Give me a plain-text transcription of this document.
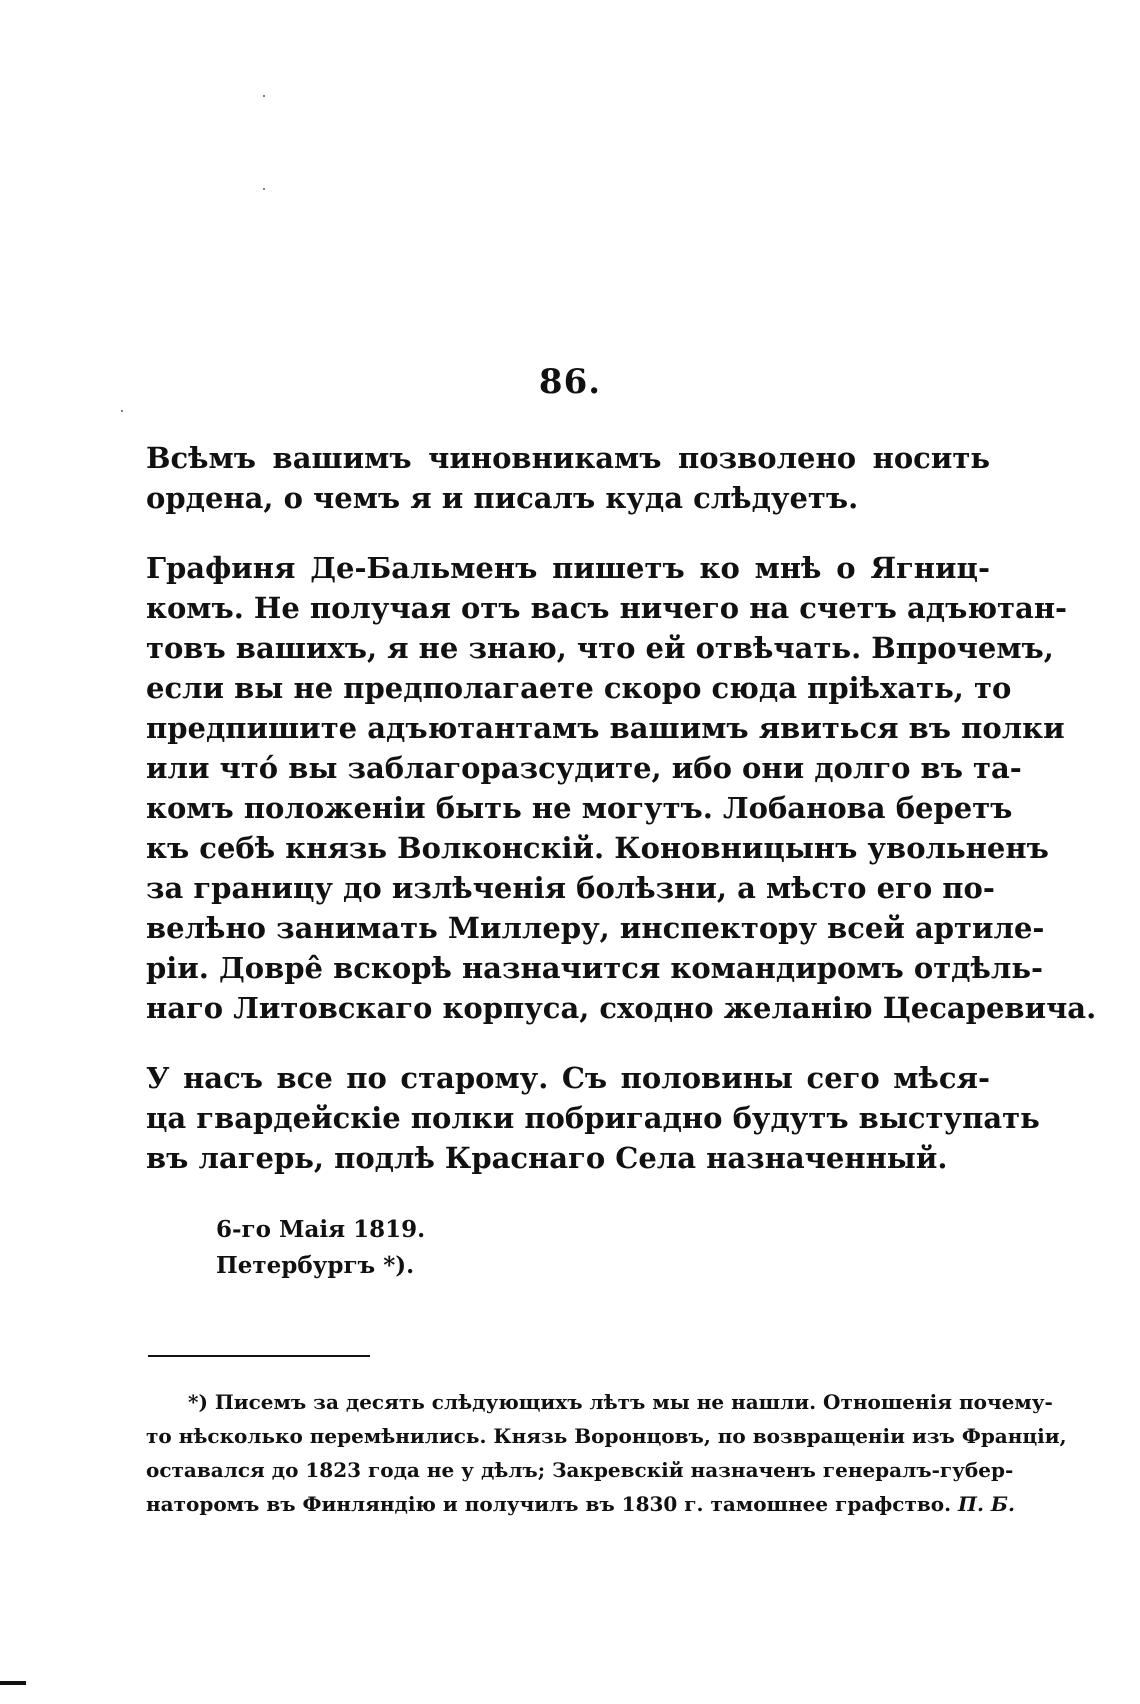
86.
Всѣмъ вашимъ чиновникамъ позволено носить
ордена, о чемъ я и писалъ куда слѣдуетъ.
Графиня Де-Бальменъ пишетъ ко мнѣ о Ягниц-
комъ. Не получая отъ васъ ничего на счетъ адъютан-
товъ вашихъ, я не знаю, что ей отвѣчать. Впрочемъ,
если вы не предполагаете скоро сюда пріѣхать, то
предпишите адъютантамъ вашимъ явиться въ полки
или чтó вы заблагоразсудите, ибо они долго въ та-
комъ положеніи быть не могутъ. Лобанова беретъ
къ себѣ князь Волконскій. Коновницынъ увольненъ
за границу до излѣченія болѣзни, а мѣсто его по-
велѣно занимать Миллеру, инспектору всей артиле-
ріи. Довре̂ вскорѣ назначится командиромъ отдѣль-
наго Литовскаго корпуса, сходно желанію Цесаревича.
У насъ все по старому. Съ половины сего мѣся-
ца гвардейскіе полки побригадно будутъ выступать
въ лагерь, подлѣ Краснаго Села назначенный.
6-го Маія 1819.
Петербургъ *).
*) Писемъ за десять слѣдующихъ лѣтъ мы не нашли. Отношенія почему-
то нѣсколько перемѣнились. Князь Воронцовъ, по возвращеніи изъ Франціи,
оставался до 1823 года не у дѣлъ; Закревскій назначенъ генералъ-губер-
наторомъ въ Финляндію и получилъ въ 1830 г. тамошнее графство. П. Б.
